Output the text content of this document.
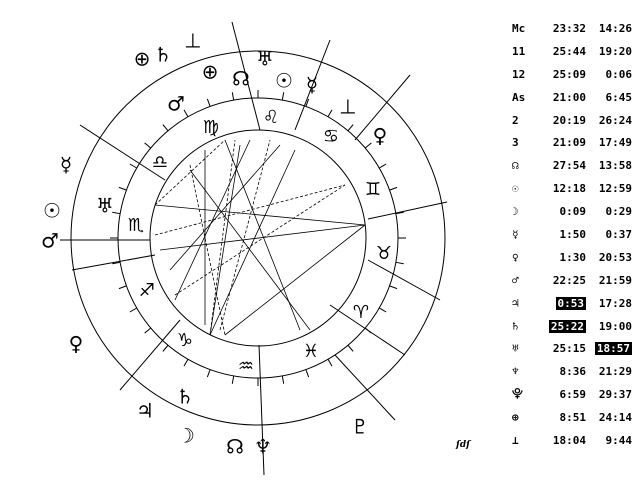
♈
♉
♊
♋
♌
♍
♎
♏
♐
♑
♒
♓
♅
⊕
♄
⊥
☊ ☉ ☿
♀
♂	⊥
♇
♃
☽ ☊ ♆
♅
♄
♀
☉
♂
⊕
☿
Mc	23:32	14:26
11	25:44	19:20
12	25:09	0:06
As	21:00	6:45
2	20:19	26:24
3	21:09	17:49
☊	27:54	13:58
☉	12:18	12:59
☽	0:09	0:29
☿	1:50	0:37
♀	1:30	20:53
♂	22:25	21:59
♃	0:53	17:28
♄	25:22	19:00
♅	25:15 18:57
♆	8:36	21:29
⯓	6:59	29:37
⊕	8:51	24:14
⊥	18:04	9:44
ſdſ
